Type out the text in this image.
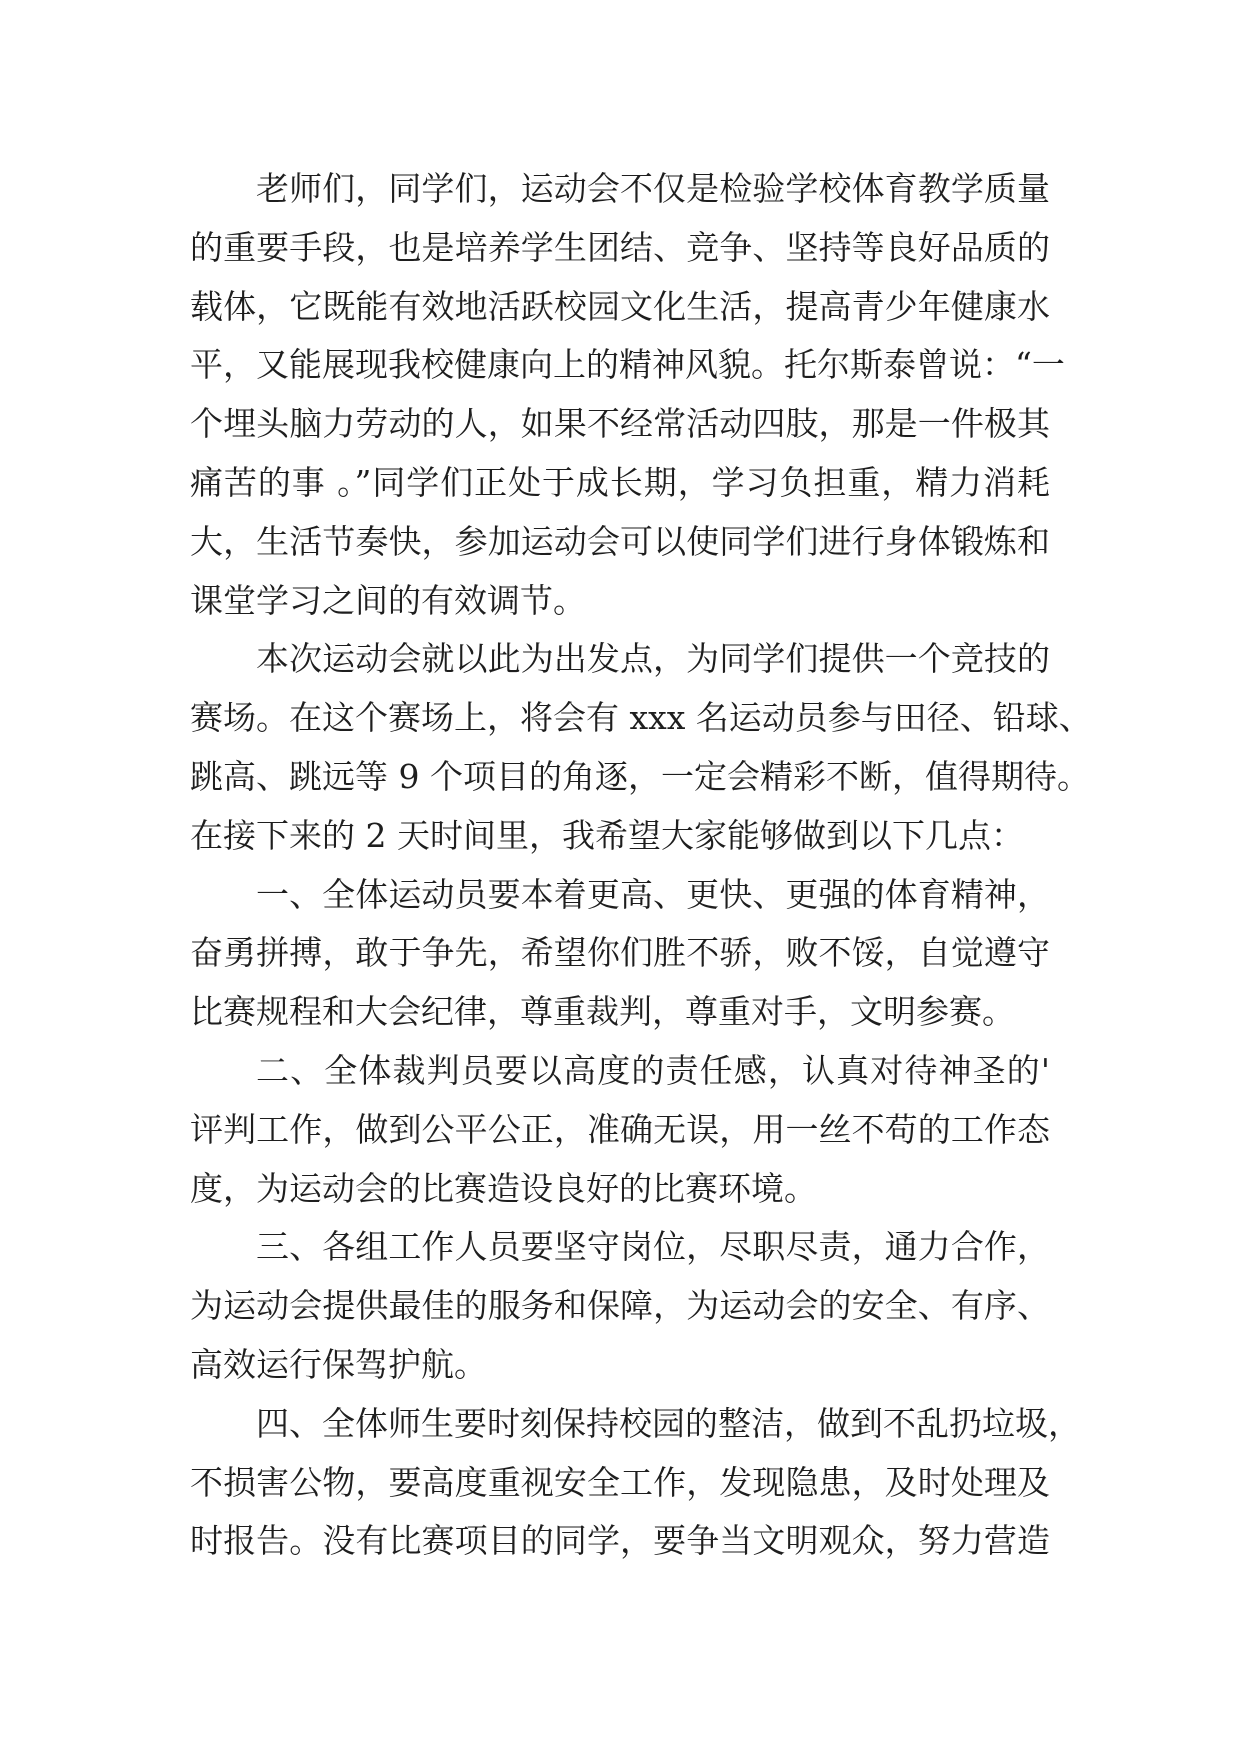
老师们，同学们，运动会不仅是检验学校体育教学质量
的重要手段，也是培养学生团结、竞争、坚持等良好品质的
载体，它既能有效地活跃校园文化生活，提高青少年健康水
平，又能展现我校健康向上的精神风貌。托尔斯泰曾说：“一
个埋头脑力劳动的人，如果不经常活动四肢，那是一件极其
痛苦的事 。”同学们正处于成长期，学习负担重，精力消耗
大，生活节奏快，参加运动会可以使同学们进行身体锻炼和
课堂学习之间的有效调节。
本次运动会就以此为出发点，为同学们提供一个竞技的
赛场。在这个赛场上，将会有 xxx 名运动员参与田径、铅球、
跳高、跳远等 9 个项目的角逐，一定会精彩不断，值得期待。
在接下来的 2 天时间里，我希望大家能够做到以下几点：
一、全体运动员要本着更高、更快、更强的体育精神，
奋勇拼搏，敢于争先，希望你们胜不骄，败不馁，自觉遵守
比赛规程和大会纪律，尊重裁判，尊重对手，文明参赛。
二、全体裁判员要以高度的责任感，认真对待神圣的'
评判工作，做到公平公正，准确无误，用一丝不苟的工作态
度，为运动会的比赛造设良好的比赛环境。
三、各组工作人员要坚守岗位，尽职尽责，通力合作，
为运动会提供最佳的服务和保障，为运动会的安全、有序、
高效运行保驾护航。
四、全体师生要时刻保持校园的整洁，做到不乱扔垃圾，
不损害公物，要高度重视安全工作，发现隐患，及时处理及
时报告。没有比赛项目的同学，要争当文明观众，努力营造
